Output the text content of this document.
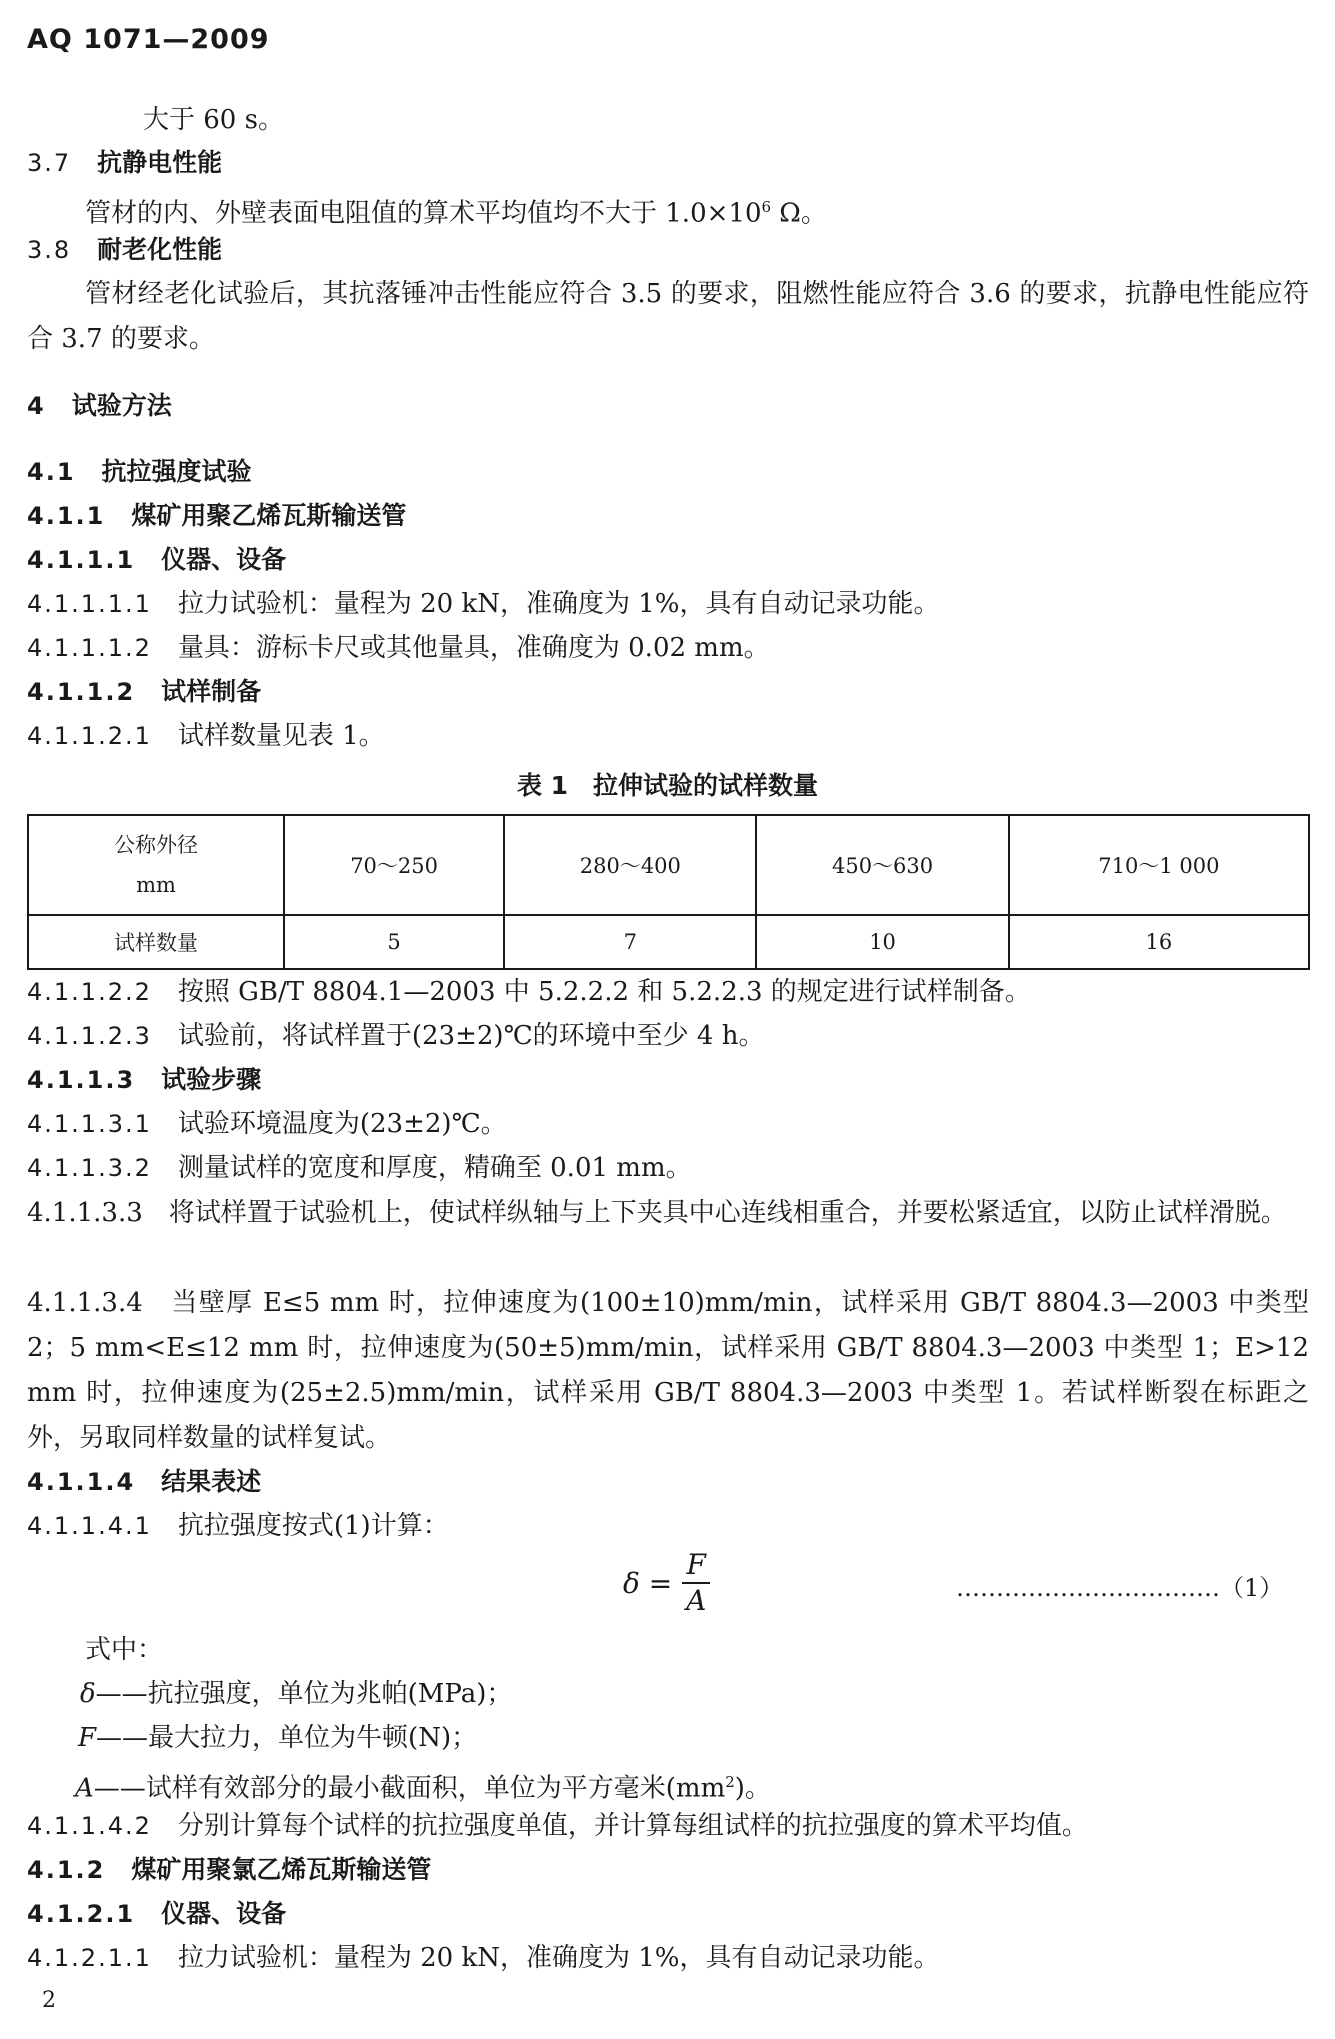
AQ 1071—2009
大于 60 s。
3.7 抗静电性能
管材的内、外壁表面电阻值的算术平均值均不大于 $1.0\times 10^6$ Ω。
3.8 耐老化性能
管材经老化试验后，其抗落锤冲击性能应符合 3.5 的要求，阻燃性能应符合 3.6 的要求，抗静电性能应符合 3.7 的要求。
4 试验方法
4.1 抗拉强度试验
4.1.1 煤矿用聚乙烯瓦斯输送管
4.1.1.1 仪器、设备
4.1.1.1.1 拉力试验机：量程为 20 kN，准确度为 1%，具有自动记录功能。
4.1.1.1.2 量具：游标卡尺或其他量具，准确度为 0.02 mm。
4.1.1.2 试样制备
4.1.1.2.1 试样数量见表 1。
表 1　拉伸试验的试样数量
公称外径
mm	70～250	280～400	450～630	710～1 000
试样数量	5	7	10	16
4.1.1.2.2 按照 GB/T 8804.1—2003 中 5.2.2.2 和 5.2.2.3 的规定进行试样制备。
4.1.1.2.3 试验前，将试样置于(23±2)℃的环境中至少 4 h。
4.1.1.3 试验步骤
4.1.1.3.1 试验环境温度为(23±2)℃。
4.1.1.3.2 测量试样的宽度和厚度，精确至 0.01 mm。
4.1.1.3.3　将试样置于试验机上，使试样纵轴与上下夹具中心连线相重合，并要松紧适宜，以防止试样滑脱。
4.1.1.3.4　当壁厚 E≤5 mm 时，拉伸速度为(100±10)mm/min，试样采用 GB/T 8804.3—2003 中类型 2；5 mm<E≤12 mm 时，拉伸速度为(50±5)mm/min，试样采用 GB/T 8804.3—2003 中类型 1；E>12 mm 时，拉伸速度为(25±2.5)mm/min，试样采用 GB/T 8804.3—2003 中类型 1。若试样断裂在标距之外，另取同样数量的试样复试。
4.1.1.4 结果表述
4.1.1.4.1 抗拉强度按式(1)计算：
$\delta = \frac{F}{A}$	……………………………（1）
式中：
δ——抗拉强度，单位为兆帕(MPa)；
F——最大拉力，单位为牛顿(N)；
A——试样有效部分的最小截面积，单位为平方毫米$(mm^2)$。
4.1.1.4.2 分别计算每个试样的抗拉强度单值，并计算每组试样的抗拉强度的算术平均值。
4.1.2 煤矿用聚氯乙烯瓦斯输送管
4.1.2.1 仪器、设备
4.1.2.1.1 拉力试验机：量程为 20 kN，准确度为 1%，具有自动记录功能。
2
